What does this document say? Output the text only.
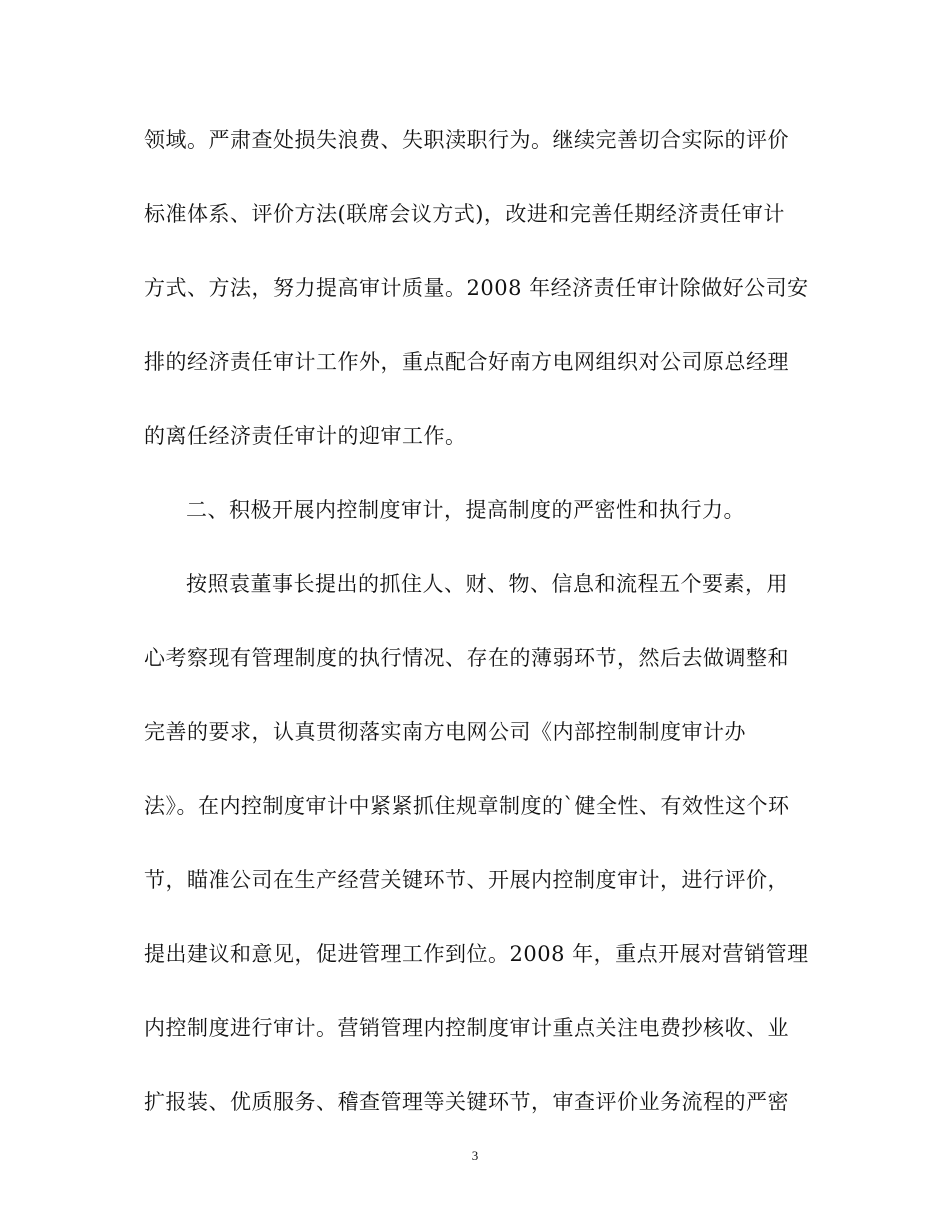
领域。严肃查处损失浪费、失职渎职行为。继续完善切合实际的评价
标准体系、评价方法(联席会议方式)，改进和完善任期经济责任审计
方式、方法，努力提高审计质量。2008 年经济责任审计除做好公司安
排的经济责任审计工作外，重点配合好南方电网组织对公司原总经理
的离任经济责任审计的迎审工作。
二、积极开展内控制度审计，提高制度的严密性和执行力。
按照袁董事长提出的抓住人、财、物、信息和流程五个要素，用
心考察现有管理制度的执行情况、存在的薄弱环节，然后去做调整和
完善的要求，认真贯彻落实南方电网公司《内部控制制度审计办
法》。在内控制度审计中紧紧抓住规章制度的`健全性、有效性这个环
节，瞄准公司在生产经营关键环节、开展内控制度审计，进行评价，
提出建议和意见，促进管理工作到位。2008 年，重点开展对营销管理
内控制度进行审计。营销管理内控制度审计重点关注电费抄核收、业
扩报装、优质服务、稽查管理等关键环节，审查评价业务流程的严密
3
